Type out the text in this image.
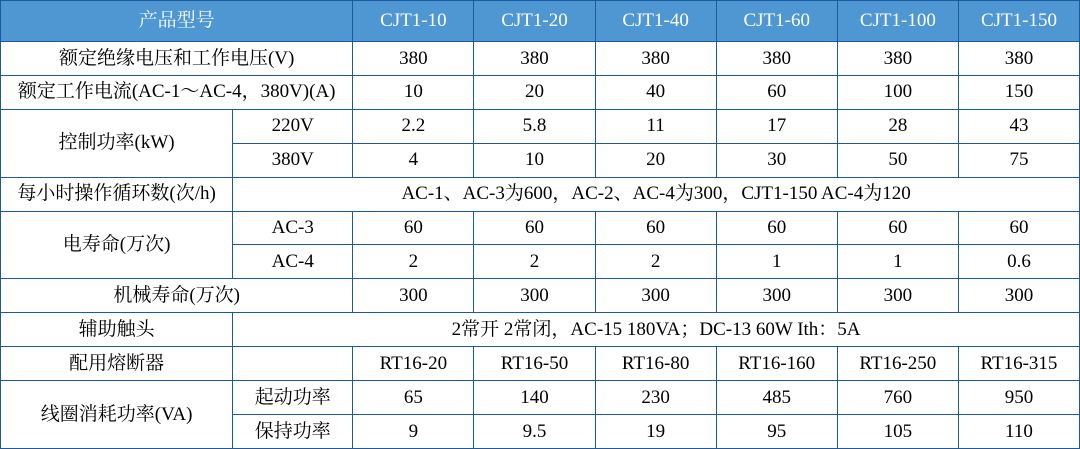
产品型号		CJT1-10	CJT1-20	CJT1-40	CJT1-60	CJT1-100	CJT1-150
额定绝缘电压和工作电压(V)		380	380	380	380	380	380
额定工作电流(AC-1～AC-4，380V)(A)		10	20	40	60	100	150
控制功率(kW)	220V	2.2	5.8	11	17	28	43
	380V	4	10	20	30	50	75
每小时操作循环数(次/h)	AC-1、AC-3为600，AC-2、AC-4为300，CJT1-150 AC-4为120						
电寿命(万次)	AC-3	60	60	60	60	60	60
	AC-4	2	2	2	1	1	0.6
机械寿命(万次)		300	300	300	300	300	300
辅助触头	2常开 2常闭，AC-15 180VA；DC-13 60W Ith：5A						
配用熔断器		RT16-20	RT16-50	RT16-80	RT16-160	RT16-250	RT16-315
线圈消耗功率(VA)	起动功率	65	140	230	485	760	950
	保持功率	9	9.5	19	95	105	110
